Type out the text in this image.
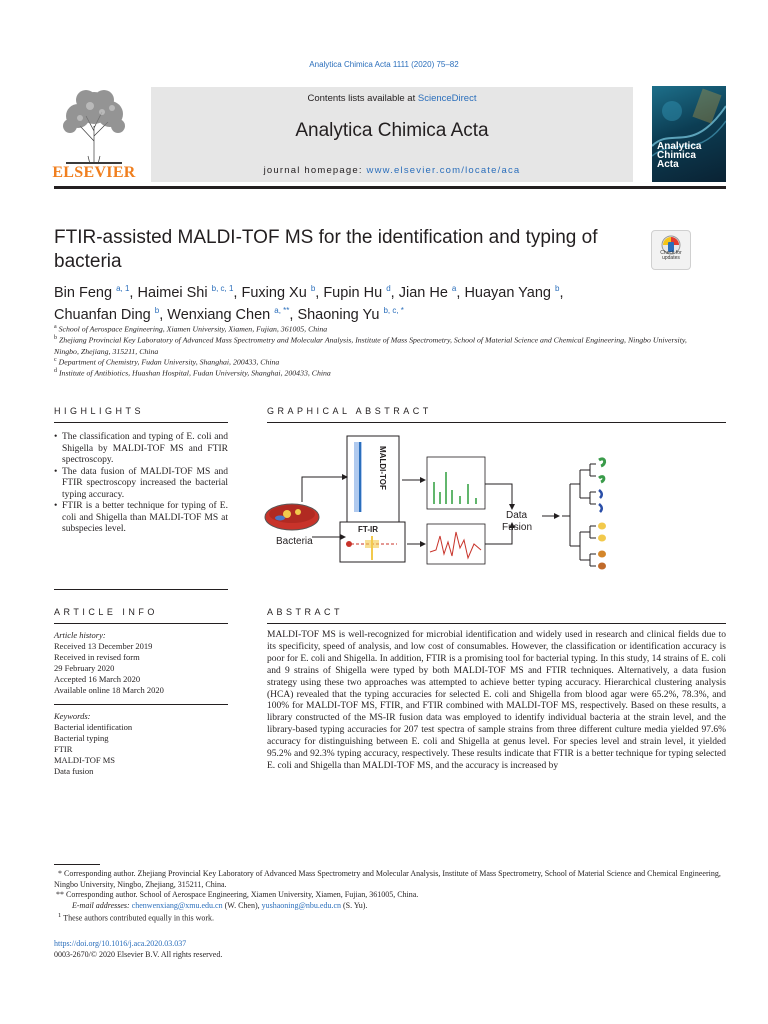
Analytica Chimica Acta 1111 (2020) 75–82
ELSEVIER
Contents lists available at ScienceDirect
Analytica Chimica Acta
journal homepage: www.elsevier.com/locate/aca
Analytica
Chimica
Acta
FTIR-assisted MALDI-TOF MS for the identification and typing of bacteria	Check for updates
Bin Feng $^{a, 1}$, Haimei Shi $^{b, c, 1}$, Fuxing Xu $^b$, Fupin Hu $^d$, Jian He $^a$, Huayan Yang $^b$,
Chuanfan Ding $^b$, Wenxiang Chen $^{a, **}$, Shaoning Yu $^{b, c, *}$
$^a$ School of Aerospace Engineering, Xiamen University, Xiamen, Fujian, 361005, China
$^b$ Zhejiang Provincial Key Laboratory of Advanced Mass Spectrometry and Molecular Analysis, Institute of Mass Spectrometry, School of Material Science and Chemical Engineering, Ningbo University, Ningbo, Zhejiang, 315211, China
$^c$ Department of Chemistry, Fudan University, Shanghai, 200433, China
$^d$ Institute of Antibiotics, Huashan Hospital, Fudan University, Shanghai, 200433, China
HIGHLIGHTS
• The classification and typing of E. coli and Shigella by MALDI-TOF MS and FTIR spectroscopy.
• The data fusion of MALDI-TOF MS and FTIR spectroscopy increased the bacterial typing accuracy.
• FTIR is a better technique for typing of E. coli and Shigella than MALDI-TOF MS at subspecies level.
GRAPHICAL ABSTRACT
Bacteria
MALDI-TOF
FT-IR
Data
Fusion
ARTICLE INFO
Article history:
Received 13 December 2019
Received in revised form
29 February 2020
Accepted 16 March 2020
Available online 18 March 2020
Keywords:
Bacterial identification
Bacterial typing
FTIR
MALDI-TOF MS
Data fusion
ABSTRACT
MALDI-TOF MS is well-recognized for microbial identification and widely used in research and clinical fields due to its specificity, speed of analysis, and low cost of consumables. However, the classification or identification accuracy is poor for E. coli and Shigella. In addition, FTIR is a promising tool for bacterial typing. In this study, 14 strains of E. coli and 9 strains of Shigella were typed by both MALDI-TOF MS and FTIR techniques. Alternatively, a data fusion strategy using these two approaches was attempted to achieve better typing accuracy. Hierarchical clustering analysis (HCA) revealed that the typing accuracies for selected E. coli and Shigella from blood agar were 65.2%, 78.3%, and 100% for MALDI-TOF MS, FTIR, and FTIR combined with MALDI-TOF MS, respectively. Based on these results, a library constructed of the MS-IR fusion data was employed to identify individual bacteria at the strain level, and the library-based typing accuracies for 207 test spectra of sample strains from three different culture media yielded 97.6% accuracy for distinguishing between E. coli and Shigella at genus level. For species level and strain level, it yielded 95.2% and 92.3% typing accuracy, respectively. These results indicate that FTIR is a better technique for typing selected E. coli and Shigella than MALDI-TOF MS, and the accuracy is increased by
* Corresponding author. Zhejiang Provincial Key Laboratory of Advanced Mass Spectrometry and Molecular Analysis, Institute of Mass Spectrometry, School of Material Science and Chemical Engineering, Ningbo University, Ningbo, Zhejiang, 315211, China.
** Corresponding author. School of Aerospace Engineering, Xiamen University, Xiamen, Fujian, 361005, China.
E-mail addresses: chenwenxiang@xmu.edu.cn (W. Chen), yushaoning@nbu.edu.cn (S. Yu).
$^1$ These authors contributed equally in this work.
https://doi.org/10.1016/j.aca.2020.03.037
0003-2670/© 2020 Elsevier B.V. All rights reserved.
